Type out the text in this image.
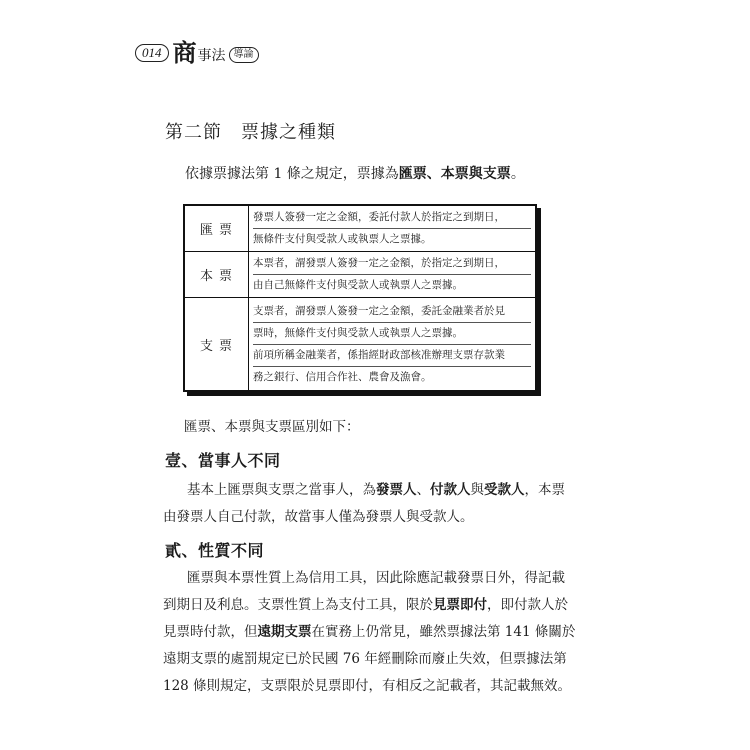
014 商 事法 導論
第二節　票據之種類
依據票據法第 1 條之規定，票據為匯票、本票與支票。
匯票	發票人簽發一定之金額，委託付款人於指定之到期日，
無條件支付與受款人或執票人之票據。

本票	本票者，謂發票人簽發一定之金額，於指定之到期日，
由自己無條件支付與受款人或執票人之票據。

支票	支票者，謂發票人簽發一定之金額，委託金融業者於見
票時，無條件支付與受款人或執票人之票據。
前項所稱金融業者，係指經財政部核准辦理支票存款業
務之銀行、信用合作社、農會及漁會。
匯票、本票與支票區別如下：
壹、當事人不同
基本上匯票與支票之當事人，為發票人、付款人與受款人，本票
由發票人自己付款，故當事人僅為發票人與受款人。
貳、性質不同
匯票與本票性質上為信用工具，因此除應記載發票日外，得記載
到期日及利息。支票性質上為支付工具，限於見票即付，即付款人於
見票時付款，但遠期支票在實務上仍常見，雖然票據法第 141 條關於
遠期支票的處罰規定已於民國 76 年經刪除而廢止失效，但票據法第
128 條則規定，支票限於見票即付，有相反之記載者，其記載無效。
